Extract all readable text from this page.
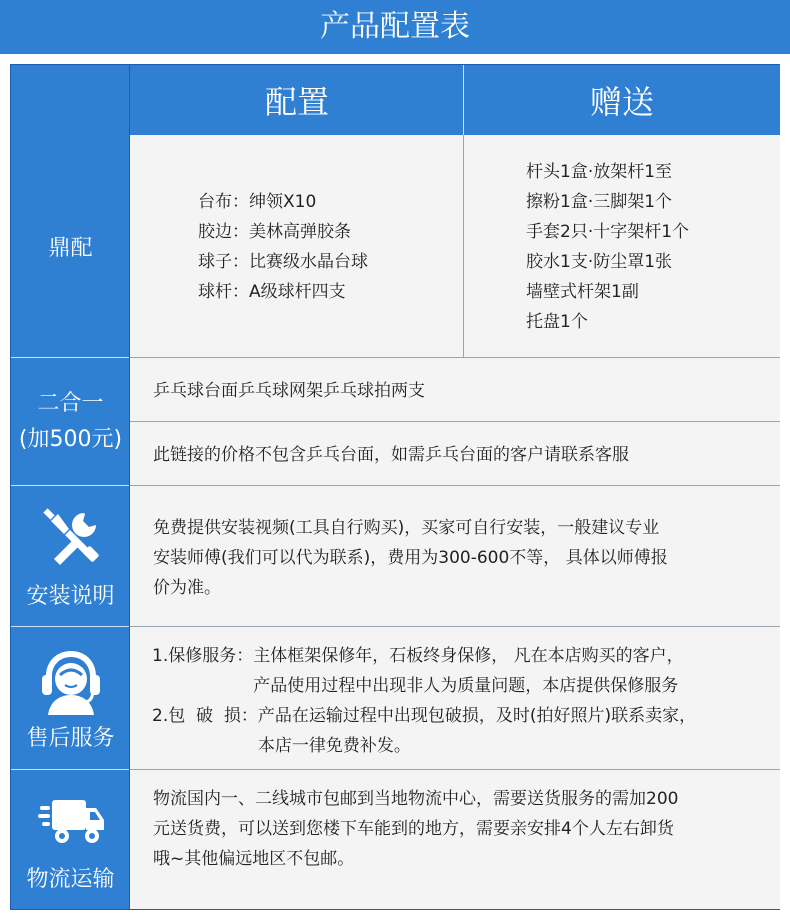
产品配置表
配置	赠送
鼎配
台布： 绅领X10
胶边： 美林高弹胶条
球子： 比赛级水晶台球
球杆： A级球杆四支
杆头1盒·放架杆1至
擦粉1盒·三脚架1个
手套2只·十字架杆1个
胶水1支·防尘罩1张
墙壁式杆架1副
托盘1个
二合一
(加500元)
乒乓球台面乒乓球网架乒乓球拍两支
此链接的价格不包含乒乓台面，如需乒乓台面的客户请联系客服
安装说明
免费提供安装视频(工具自行购买)，买家可自行安装，一般建议专业
安装师傅(我们可以代为联系)，费用为300-600不等， 具体以师傅报
价为准。
售后服务
1.保修服务： 主体框架保修年，石板终身保修， 凡在本店购买的客户，
产品使用过程中出现非人为质量问题，本店提供保修服务
2.包  破  损： 产品在运输过程中出现包破损，及时(拍好照片)联系卖家，
本店一律免费补发。
物流运输
物流国内一、二线城市包邮到当地物流中心，需要送货服务的需加200
元送货费，可以送到您楼下车能到的地方，需要亲安排4个人左右卸货
哦~其他偏远地区不包邮。
